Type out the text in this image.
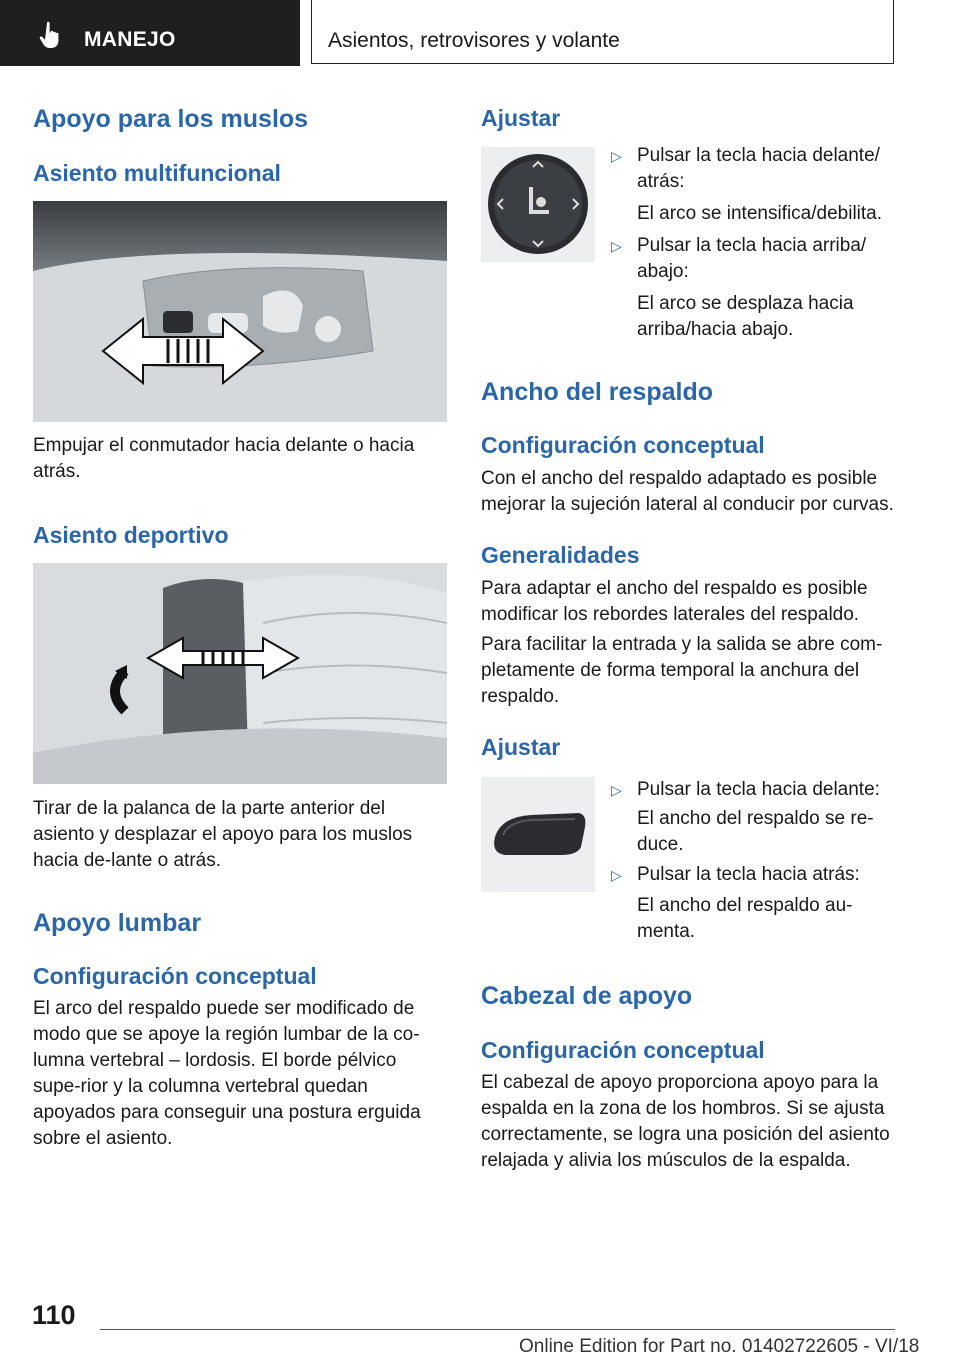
MANEJO	Asientos, retrovisores y volante
Apoyo para los muslos
Asiento multifuncional

Empujar el conmutador hacia delante o hacia atrás.

Asiento deportivo

Tirar de la palanca de la parte anterior del asiento y desplazar el apoyo para los muslos hacia de-lante o atrás.

Apoyo lumbar
Configuración conceptual

El arco del respaldo puede ser modificado de modo que se apoye la región lumbar de la co-lumna vertebral – lordosis. El borde pélvico supe-rior y la columna vertebral quedan apoyados para conseguir una postura erguida sobre el asiento.

Ajustar
▷ Pulsar la tecla hacia delante/ atrás:

El arco se intensifica/debilita.

▷ Pulsar la tecla hacia arriba/ abajo:

El arco se desplaza hacia arriba/hacia abajo.

Ancho del respaldo
Configuración conceptual

Con el ancho del respaldo adaptado es posible mejorar la sujeción lateral al conducir por curvas.

Generalidades

Para adaptar el ancho del respaldo es posible modificar los rebordes laterales del respaldo.

Para facilitar la entrada y la salida se abre com-pletamente de forma temporal la anchura del respaldo.

Ajustar
▷ Pulsar la tecla hacia delante:

El ancho del respaldo se re-duce.

▷ Pulsar la tecla hacia atrás:

El ancho del respaldo au-menta.

Cabezal de apoyo
Configuración conceptual

El cabezal de apoyo proporciona apoyo para la espalda en la zona de los hombros. Si se ajusta correctamente, se logra una posición del asiento relajada y alivia los músculos de la espalda.

110
Online Edition for Part no. 01402722605 - VI/18
